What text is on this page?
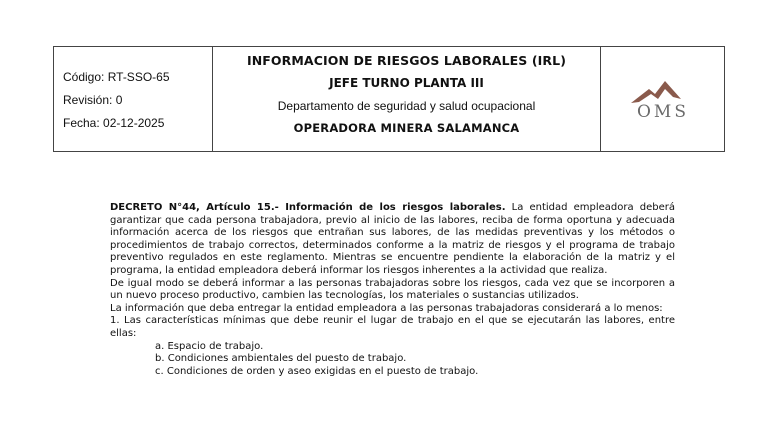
Código: RT-SSO-65
Revisión: 0
Fecha: 02-12-2025
INFORMACION DE RIESGOS LABORALES (IRL)
JEFE TURNO PLANTA III
Departamento de seguridad y salud ocupacional
OPERADORA MINERA SALAMANCA
OMS

DECRETO N°44, Artículo 15.- Información de los riesgos laborales. La entidad empleadora deberá garantizar que cada persona trabajadora, previo al inicio de las labores, reciba de forma oportuna y adecuada información acerca de los riesgos que entrañan sus labores, de las medidas preventivas y los métodos o procedimientos de trabajo correctos, determinados conforme a la matriz de riesgos y el programa de trabajo preventivo regulados en este reglamento. Mientras se encuentre pendiente la elaboración de la matriz y el programa, la entidad empleadora deberá informar los riesgos inherentes a la actividad que realiza.

De igual modo se deberá informar a las personas trabajadoras sobre los riesgos, cada vez que se incorporen a un nuevo proceso productivo, cambien las tecnologías, los materiales o sustancias utilizados.

La información que deba entregar la entidad empleadora a las personas trabajadoras considerará a lo menos:

1. Las características mínimas que debe reunir el lugar de trabajo en el que se ejecutarán las labores, entre ellas:

a. Espacio de trabajo.

b. Condiciones ambientales del puesto de trabajo.

c. Condiciones de orden y aseo exigidas en el puesto de trabajo.
